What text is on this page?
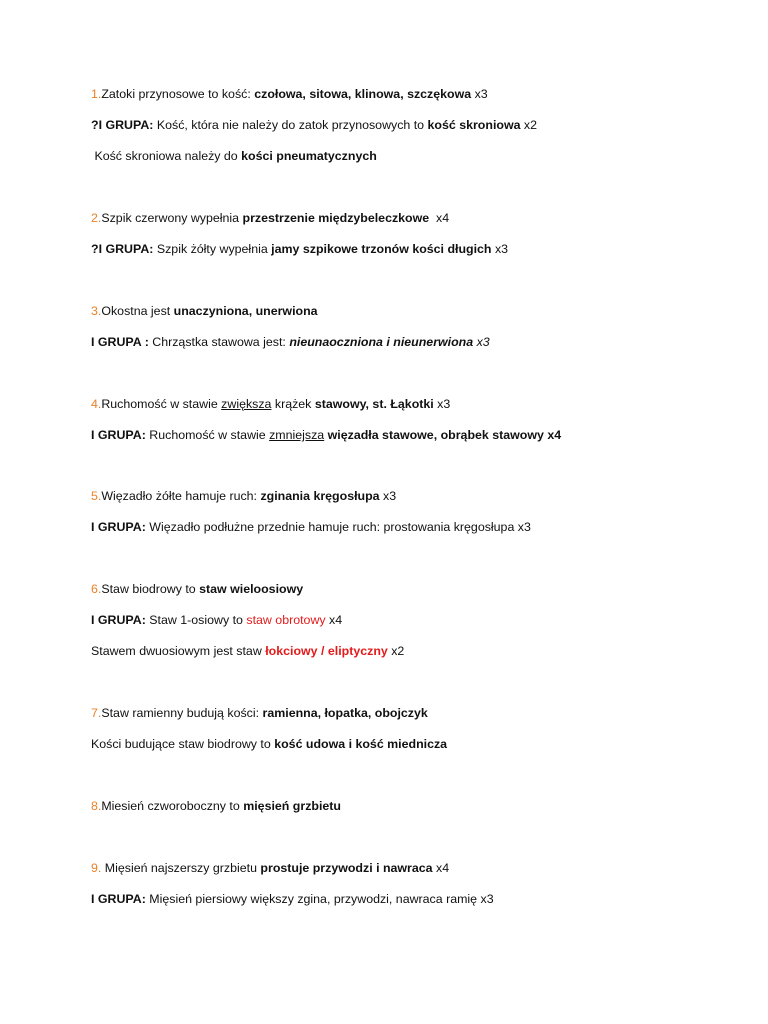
1.Zatoki przynosowe to kość: czołowa, sitowa, klinowa, szczękowa x3
?I GRUPA: Kość, która nie należy do zatok przynosowych to kość skroniowa x2
Kość skroniowa należy do kości pneumatycznych
2.Szpik czerwony wypełnia przestrzenie międzybeleczkowe  x4
?I GRUPA: Szpik żółty wypełnia jamy szpikowe trzonów kości długich x3
3.Okostna jest unaczyniona, unerwiona
I GRUPA : Chrząstka stawowa jest: nieunaoczniona i nieunerwiona x3
4.Ruchomość w stawie zwiększa krążek stawowy, st. Łąkotki x3
I GRUPA: Ruchomość w stawie zmniejsza więzadła stawowe, obrąbek stawowy x4
5.Więzadło żółte hamuje ruch: zginania kręgosłupa x3
I GRUPA: Więzadło podłużne przednie hamuje ruch: prostowania kręgosłupa x3
6.Staw biodrowy to staw wieloosiowy
I GRUPA: Staw 1-osiowy to staw obrotowy x4
Stawem dwuosiowym jest staw łokciowy / eliptyczny x2
7.Staw ramienny budują kości: ramienna, łopatka, obojczyk
Kości budujące staw biodrowy to kość udowa i kość miednicza
8.Miesień czworoboczny to mięsień grzbietu
9. Mięsień najszerszy grzbietu prostuje przywodzi i nawraca x4
I GRUPA: Mięsień piersiowy większy zgina, przywodzi, nawraca ramię x3
